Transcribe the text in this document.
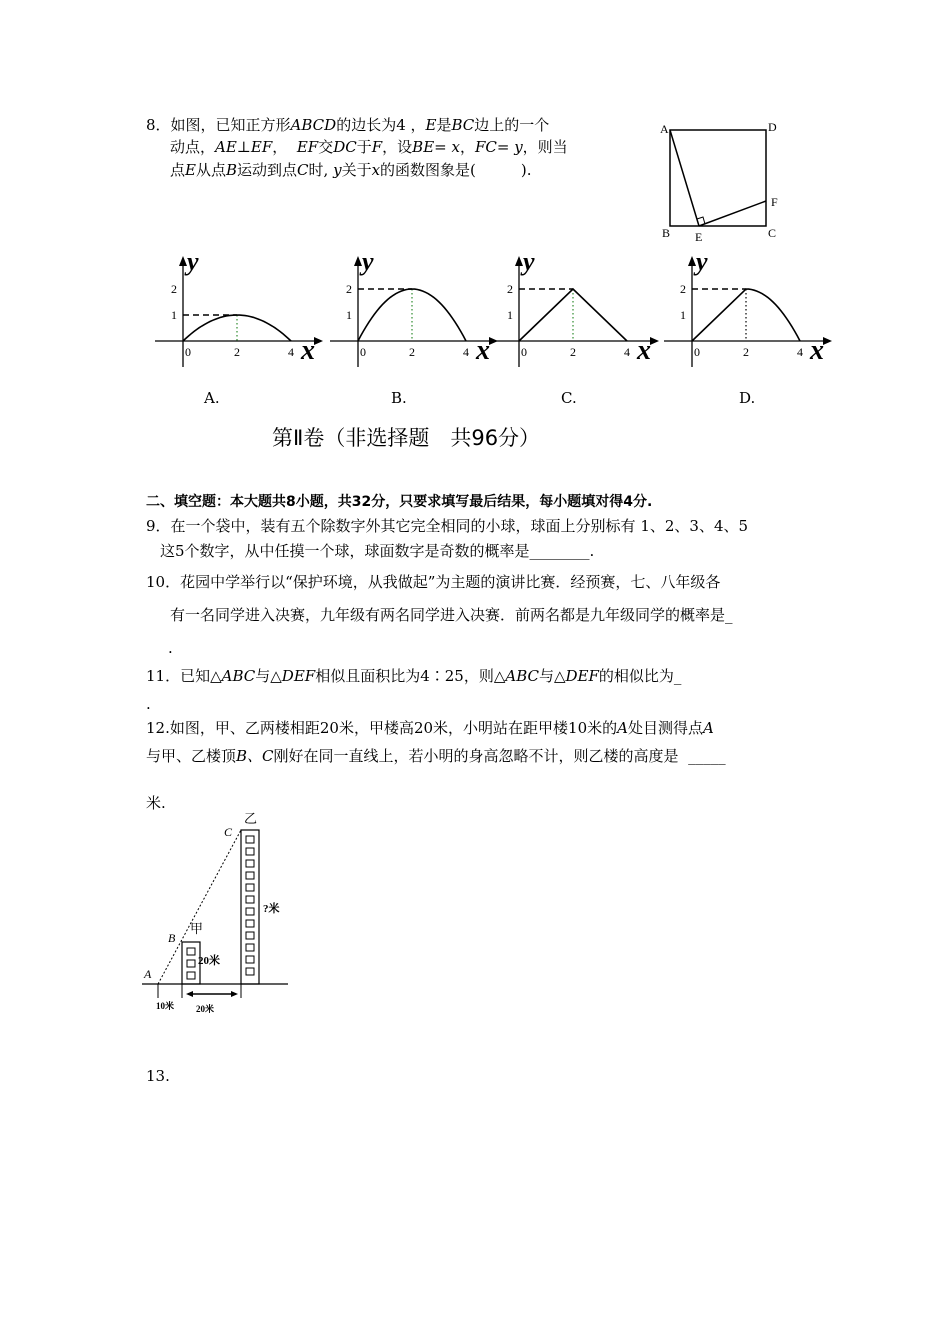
8．如图，已知正方形ABCD的边长为4 ，E是BC边上的一个
动点，AE⊥EF， EF交DC于F，设BE= x，FC= y，则当
点E从点B运动到点C时, y关于x的函数图象是(　　　).
A	D
B E	C
F
y
x
0	2	4
1
2
y
x
0	2	4
1
2
y
x
0	2	4
1
2
y
x
0	2	4
1
2
A.	B.	C.	D.
第Ⅱ卷（非选择题　共96分）
二、填空题：本大题共8小题，共32分，只要求填写最后结果，每小题填对得4分.
9．在一个袋中，装有五个除数字外其它完全相同的小球，球面上分别标有 1、2、3、4、5
这5个数字，从中任摸一个球，球面数字是奇数的概率是________.
10．花园中学举行以“保护环境，从我做起”为主题的演讲比赛．经预赛，七、八年级各
有一名同学进入决赛，九年级有两名同学进入决赛．前两名都是九年级同学的概率是_
.
11．已知△ABC与△DEF相似且面积比为4∶25，则△ABC与△DEF的相似比为_
.
12.如图，甲、乙两楼相距20米，甲楼高20米，小明站在距甲楼10米的A处目测得点A
与甲、乙楼顶B、C刚好在同一直线上，若小明的身高忽略不计，则乙楼的高度是 _____
米.
乙
C
甲
B
A
20米
?米
10米 20米
13.
